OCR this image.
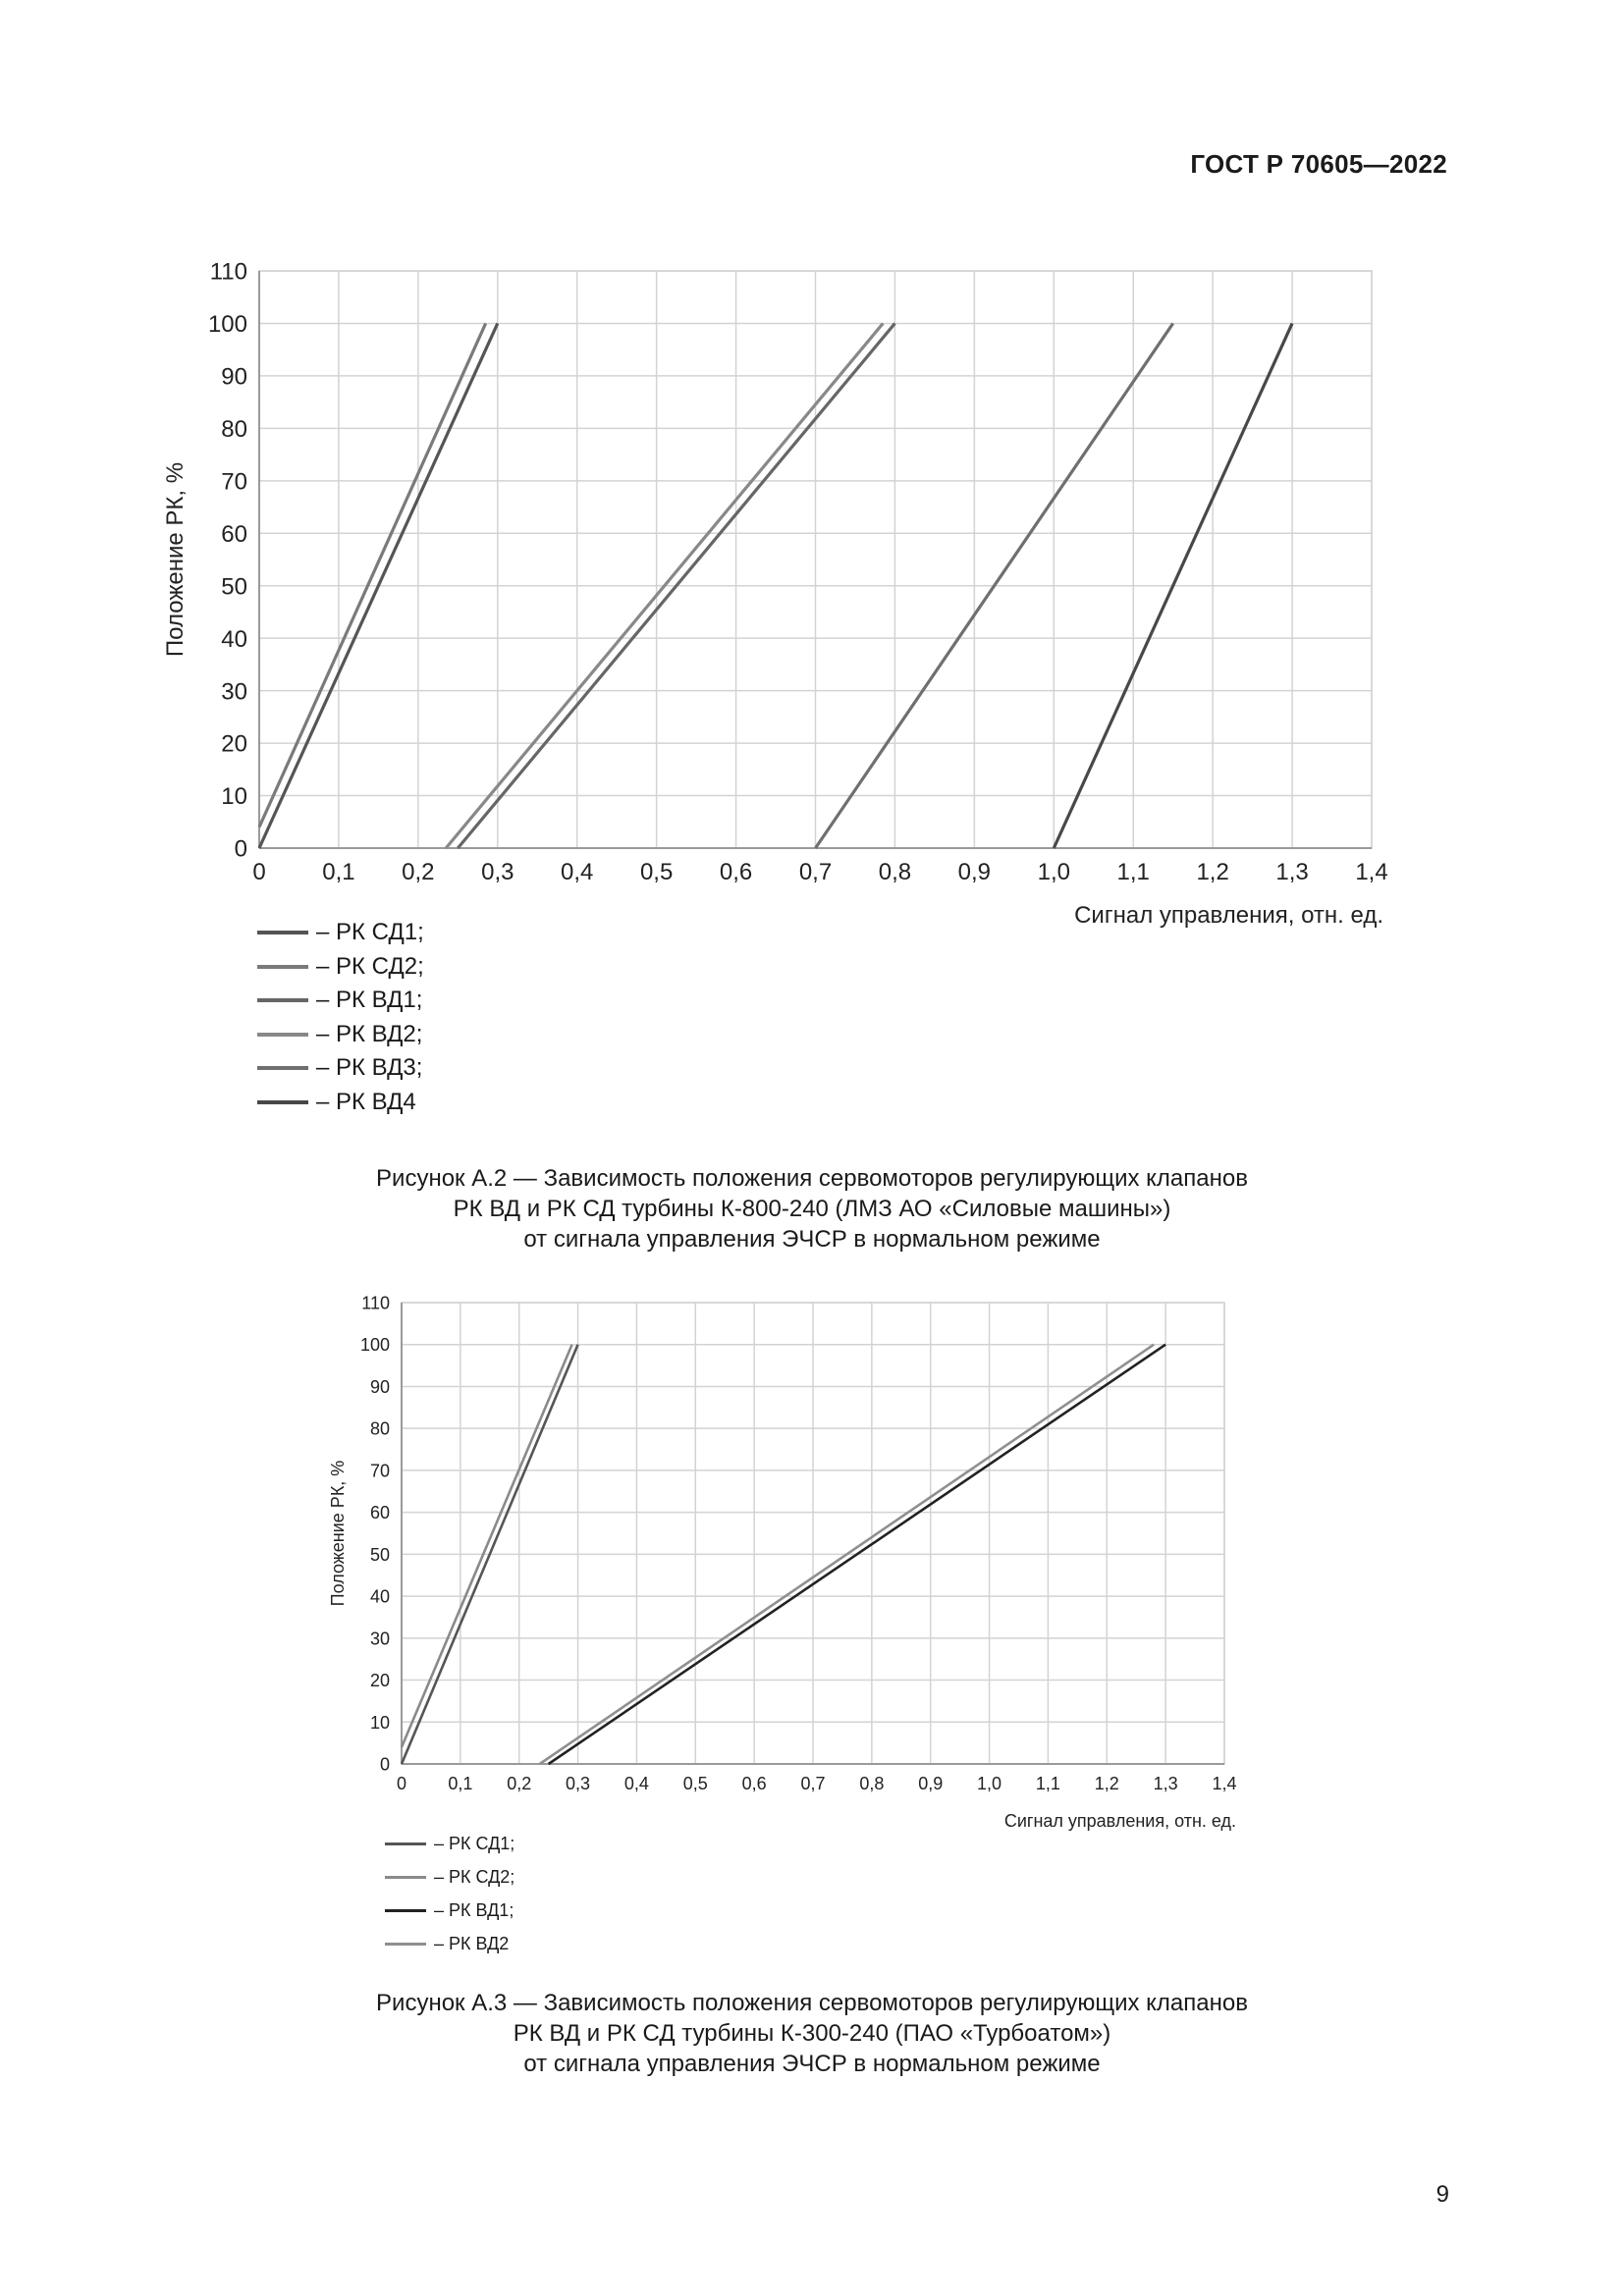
ГОСТ Р 70605—2022
0 0,1 0,2 0,3 0,4 0,5 0,6 0,7 0,8 0,9 1,0 1,1 1,2 1,3 1,4
0
10
20
30
40
50
60
70
80
90
100
110
Сигнал управления, отн. ед.
Положение РК, %
– РК СД1;
– РК СД2;
– РК ВД1;
– РК ВД2;
– РК ВД3;
– РК ВД4
Рисунок А.2 — Зависимость положения сервомоторов регулирующих клапанов
РК ВД и РК СД турбины К-800-240 (ЛМЗ АО «Силовые машины»)
от сигнала управления ЭЧСР в нормальном режиме
0 0,1 0,2 0,3 0,4 0,5 0,6 0,7 0,8 0,9 1,0 1,1 1,2 1,3 1,4
0
10
20
30
40
50
60
70
80
90
100
110
Сигнал управления, отн. ед.
Положение РК, %
– РК СД1;
– РК СД2;
– РК ВД1;
– РК ВД2
Рисунок А.3 — Зависимость положения сервомоторов регулирующих клапанов
РК ВД и РК СД турбины К-300-240 (ПАО «Турбоатом»)
от сигнала управления ЭЧСР в нормальном режиме
9
